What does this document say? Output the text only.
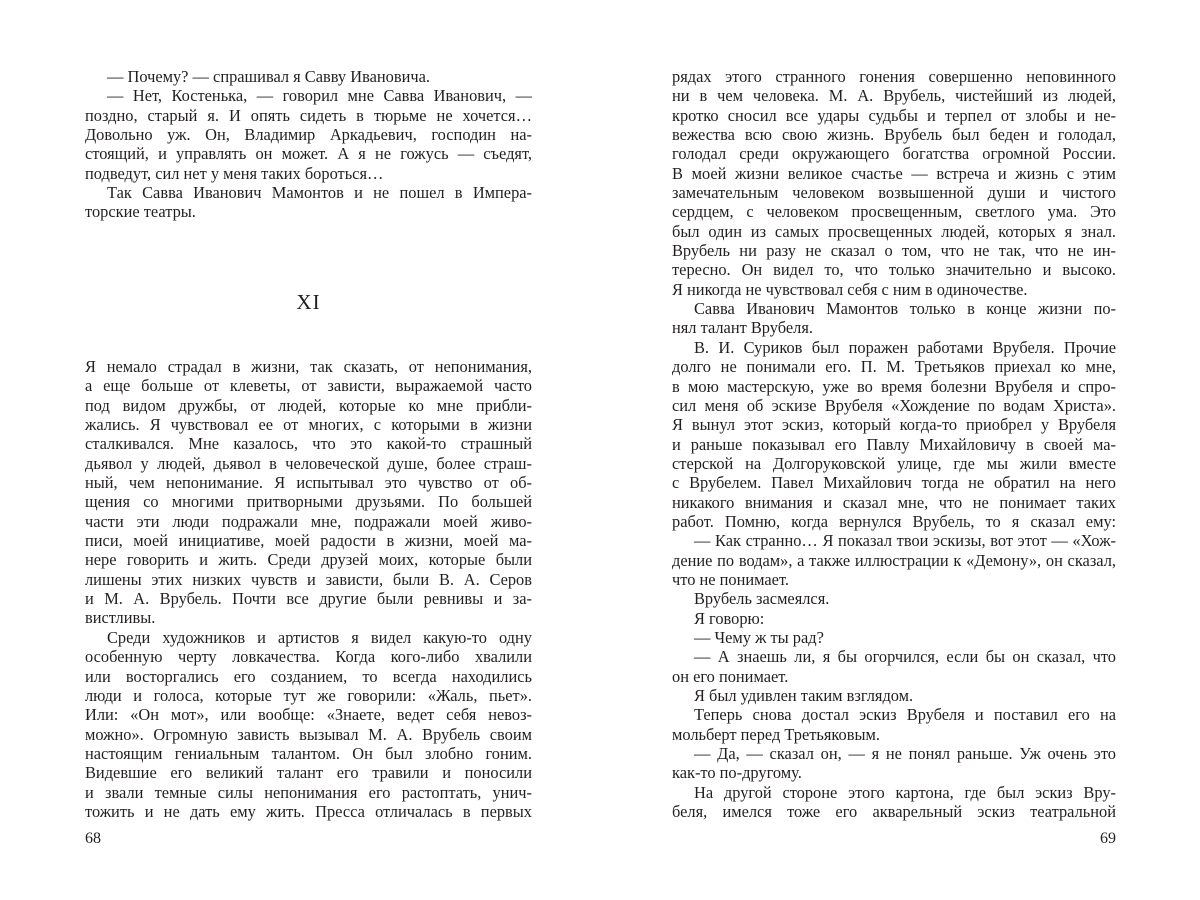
— Почему? — спрашивал я Савву Ивановича.
— Нет, Костенька, — говорил мне Савва Иванович, —
поздно, старый я. И опять сидеть в тюрьме не хочется…
Довольно уж. Он, Владимир Аркадьевич, господин на-
стоящий, и управлять он может. А я не гожусь — съедят,
подведут, сил нет у меня таких бороться…
Так Савва Иванович Мамонтов и не пошел в Импера-
торские театры.
XI
Я немало страдал в жизни, так сказать, от непонимания,
а еще больше от клеветы, от зависти, выражаемой часто
под видом дружбы, от людей, которые ко мне прибли-
жались. Я чувствовал ее от многих, с которыми в жизни
сталкивался. Мне казалось, что это какой-то страшный
дьявол у людей, дьявол в человеческой душе, более страш-
ный, чем непонимание. Я испытывал это чувство от об-
щения со многими притворными друзьями. По большей
части эти люди подражали мне, подражали моей живо-
писи, моей инициативе, моей радости в жизни, моей ма-
нере говорить и жить. Среди друзей моих, которые были
лишены этих низких чувств и зависти, были В. А. Серов
и М. А. Врубель. Почти все другие были ревнивы и за-
вистливы.
Среди художников и артистов я видел какую-то одну
особенную черту ловкачества. Когда кого-либо хвалили
или восторгались его созданием, то всегда находились
люди и голоса, которые тут же говорили: «Жаль, пьет».
Или: «Он мот», или вообще: «Знаете, ведет себя невоз-
можно». Огромную зависть вызывал М. А. Врубель своим
настоящим гениальным талантом. Он был злобно гоним.
Видевшие его великий талант его травили и поносили
и звали темные силы непонимания его растоптать, унич-
тожить и не дать ему жить. Пресса отличалась в первых
68
рядах этого странного гонения совершенно неповинного
ни в чем человека. М. А. Врубель, чистейший из людей,
кротко сносил все удары судьбы и терпел от злобы и не-
вежества всю свою жизнь. Врубель был беден и голодал,
голодал среди окружающего богатства огромной России.
В моей жизни великое счастье — встреча и жизнь с этим
замечательным человеком возвышенной души и чистого
сердцем, с человеком просвещенным, светлого ума. Это
был один из самых просвещенных людей, которых я знал.
Врубель ни разу не сказал о том, что не так, что не ин-
тересно. Он видел то, что только значительно и высоко.
Я никогда не чувствовал себя с ним в одиночестве.
Савва Иванович Мамонтов только в конце жизни по-
нял талант Врубеля.
В. И. Суриков был поражен работами Врубеля. Прочие
долго не понимали его. П. М. Третьяков приехал ко мне,
в мою мастерскую, уже во время болезни Врубеля и спро-
сил меня об эскизе Врубеля «Хождение по водам Христа».
Я вынул этот эскиз, который когда-то приобрел у Врубеля
и раньше показывал его Павлу Михайловичу в своей ма-
стерской на Долгоруковской улице, где мы жили вместе
с Врубелем. Павел Михайлович тогда не обратил на него
никакого внимания и сказал мне, что не понимает таких
работ. Помню, когда вернулся Врубель, то я сказал ему:
— Как странно… Я показал твои эскизы, вот этот — «Хож-
дение по водам», а также иллюстрации к «Демону», он сказал,
что не понимает.
Врубель засмеялся.
Я говорю:
— Чему ж ты рад?
— А знаешь ли, я бы огорчился, если бы он сказал, что
он его понимает.
Я был удивлен таким взглядом.
Теперь снова достал эскиз Врубеля и поставил его на
мольберт перед Третьяковым.
— Да, — сказал он, — я не понял раньше. Уж очень это
как-то по-другому.
На другой стороне этого картона, где был эскиз Вру-
беля, имелся тоже его акварельный эскиз театральной
69
